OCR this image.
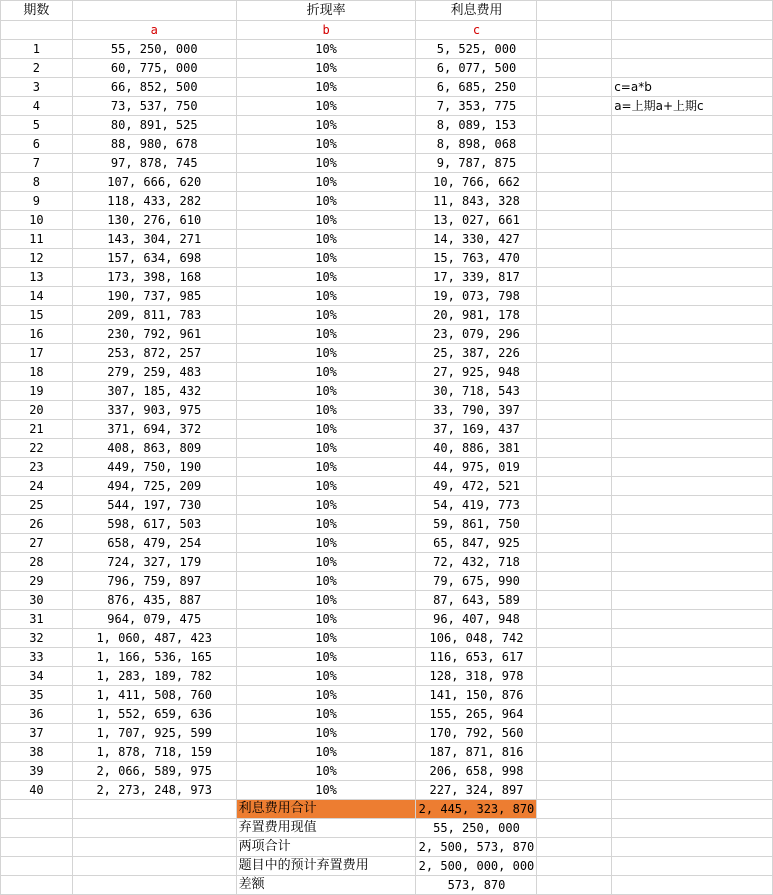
期数		折现率	利息费用		
	a	b	c		
1	55, 250, 000	10%	5, 525, 000		
2	60, 775, 000	10%	6, 077, 500		
3	66, 852, 500	10%	6, 685, 250		c=a*b
4	73, 537, 750	10%	7, 353, 775		a=上期a+上期c
5	80, 891, 525	10%	8, 089, 153		
6	88, 980, 678	10%	8, 898, 068		
7	97, 878, 745	10%	9, 787, 875		
8	107, 666, 620	10%	10, 766, 662		
9	118, 433, 282	10%	11, 843, 328		
10	130, 276, 610	10%	13, 027, 661		
11	143, 304, 271	10%	14, 330, 427		
12	157, 634, 698	10%	15, 763, 470		
13	173, 398, 168	10%	17, 339, 817		
14	190, 737, 985	10%	19, 073, 798		
15	209, 811, 783	10%	20, 981, 178		
16	230, 792, 961	10%	23, 079, 296		
17	253, 872, 257	10%	25, 387, 226		
18	279, 259, 483	10%	27, 925, 948		
19	307, 185, 432	10%	30, 718, 543		
20	337, 903, 975	10%	33, 790, 397		
21	371, 694, 372	10%	37, 169, 437		
22	408, 863, 809	10%	40, 886, 381		
23	449, 750, 190	10%	44, 975, 019		
24	494, 725, 209	10%	49, 472, 521		
25	544, 197, 730	10%	54, 419, 773		
26	598, 617, 503	10%	59, 861, 750		
27	658, 479, 254	10%	65, 847, 925		
28	724, 327, 179	10%	72, 432, 718		
29	796, 759, 897	10%	79, 675, 990		
30	876, 435, 887	10%	87, 643, 589		
31	964, 079, 475	10%	96, 407, 948		
32	1, 060, 487, 423	10%	106, 048, 742		
33	1, 166, 536, 165	10%	116, 653, 617		
34	1, 283, 189, 782	10%	128, 318, 978		
35	1, 411, 508, 760	10%	141, 150, 876		
36	1, 552, 659, 636	10%	155, 265, 964		
37	1, 707, 925, 599	10%	170, 792, 560		
38	1, 878, 718, 159	10%	187, 871, 816		
39	2, 066, 589, 975	10%	206, 658, 998		
40	2, 273, 248, 973	10%	227, 324, 897		
		利息费用合计	2, 445, 323, 870		
		弃置费用现值	55, 250, 000		
		两项合计	2, 500, 573, 870		
		题目中的预计弃置费用	2, 500, 000, 000		
		差额	573, 870		
